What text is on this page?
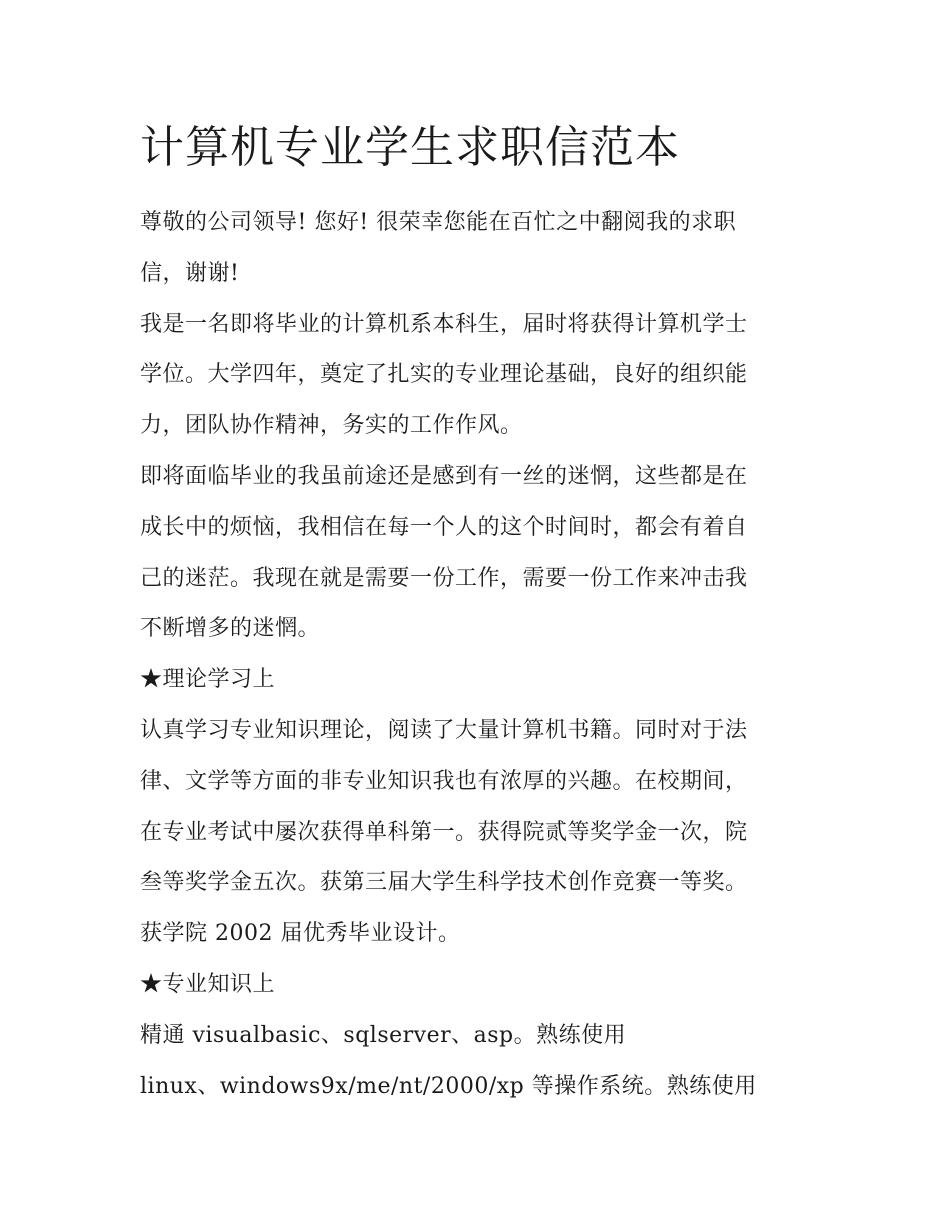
计算机专业学生求职信范本

尊敬的公司领导! 您好! 很荣幸您能在百忙之中翻阅我的求职
信，谢谢!

我是一名即将毕业的计算机系本科生，届时将获得计算机学士
学位。大学四年，奠定了扎实的专业理论基础，良好的组织能
力，团队协作精神，务实的工作作风。

即将面临毕业的我虽前途还是感到有一丝的迷惘，这些都是在
成长中的烦恼，我相信在每一个人的这个时间时，都会有着自
己的迷茫。我现在就是需要一份工作，需要一份工作来冲击我
不断增多的迷惘。

★理论学习上

认真学习专业知识理论，阅读了大量计算机书籍。同时对于法
律、文学等方面的非专业知识我也有浓厚的兴趣。在校期间，
在专业考试中屡次获得单科第一。获得院贰等奖学金一次，院
叁等奖学金五次。获第三届大学生科学技术创作竞赛一等奖。
获学院 2002 届优秀毕业设计。

★专业知识上

精通 visualbasic、sqlserver、asp。熟练使用

linux、windows9x/me/nt/2000/xp 等操作系统。熟练使用
